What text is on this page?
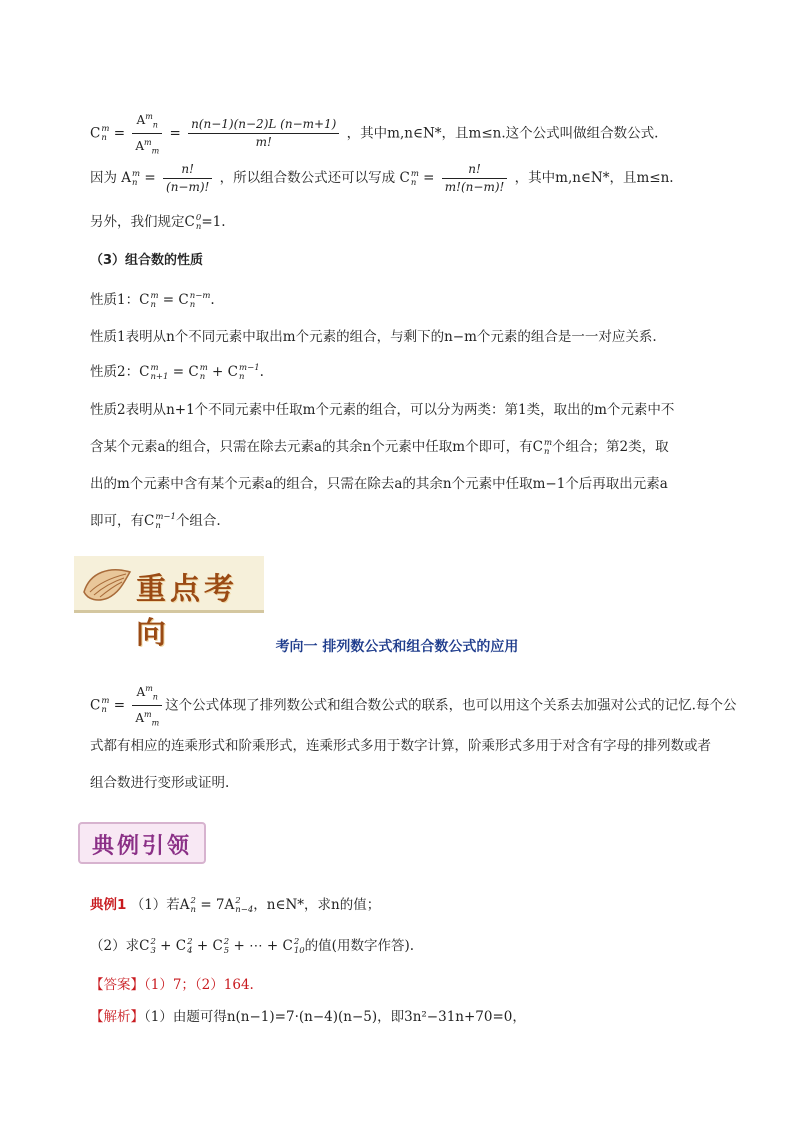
C m
$n = \frac{A^m_n}{A^m_m} = \frac{n(n-1)(n-2)L (n-m+1)}{m!}$ ，其中m,n∈N*，且m≤n.这个公式叫做组合数公式.
因为 A m
$n = \frac{n!}{(n-m)!}$ ，所以组合数公式还可以写成 C m
$n = \frac{n!}{m!(n-m)!}$ ，其中m,n∈N*，且m≤n.
另外，我们规定C 0
n =1.
（3）组合数的性质
性质1：C m
n = C n−m
n	.
性质1表明从n个不同元素中取出m个元素的组合，与剩下的n−m个元素的组合是一一对应关系.
性质2：C m
n+1 = C m
n + C m−1
n	.
性质2表明从n+1个不同元素中任取m个元素的组合，可以分为两类：第1类，取出的m个元素中不
含某个元素a的组合，只需在除去元素a的其余n个元素中任取m个即可，有C m
n 个组合；第2类，取
出的m个元素中含有某个元素a的组合，只需在除去a的其余n个元素中任取m−1个后再取出元素a
即可，有C m−1
n	个组合.
重点考向	考向一 排列数公式和组合数公式的应用
C m
$n = \frac{A^m_n}{A^m_m}$ 这个公式体现了排列数公式和组合数公式的联系，也可以用这个关系去加强对公式的记忆.每个公
式都有相应的连乘形式和阶乘形式，连乘形式多用于数字计算，阶乘形式多用于对含有字母的排列数或者
组合数进行变形或证明.
典例引领
典例1 （1）若A 2
n = 7A 2
n−4 ，n∈N*，求n的值；
（2）求C 2
3 + C 2
4 + C 2
5 + ⋯ + C 2
10 的值(用数字作答).
【答案】（1）7；（2）164.
【解析】（1）由题可得n(n−1)=7·(n−4)(n−5)，即3n²−31n+70=0，
